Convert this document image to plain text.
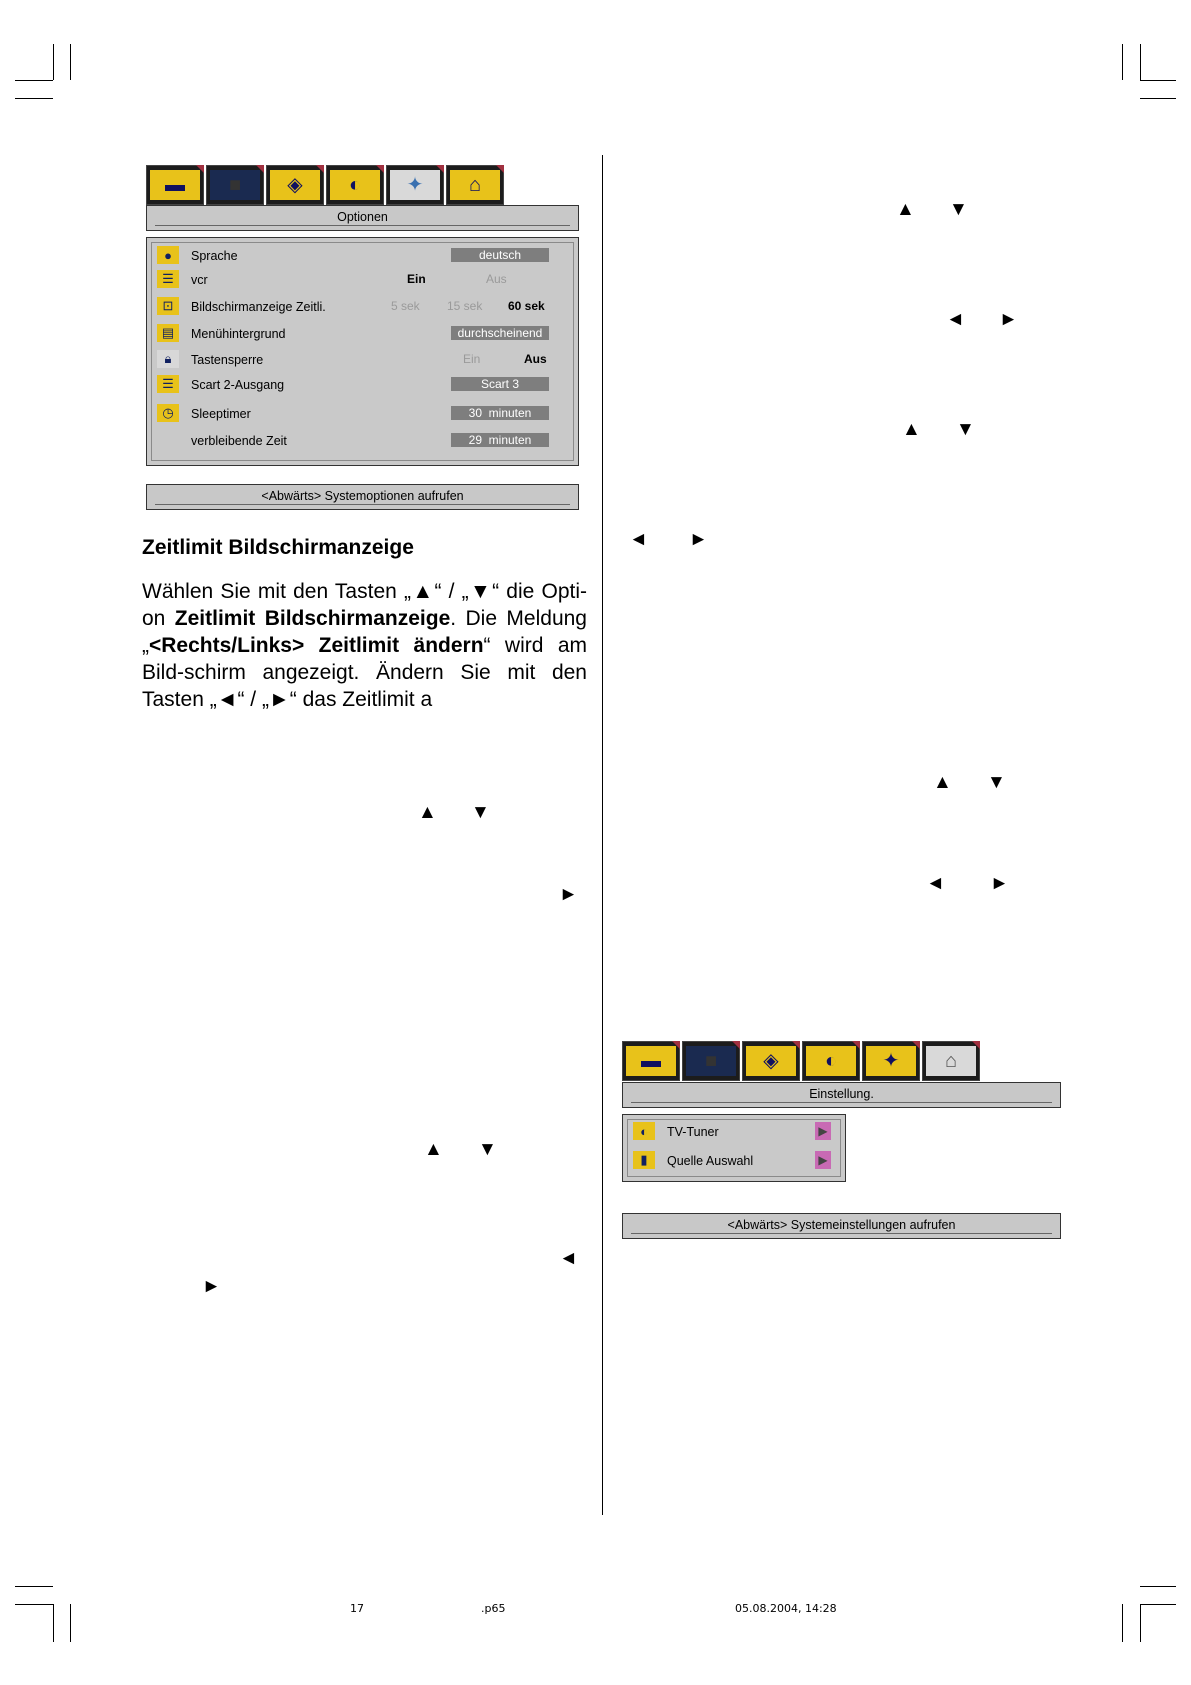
▬ ■ ◈ ◐ ✦ ⌂
Optionen
●	Sprache	deutsch
☰	vcr	Ein	Aus
⊡	Bildschirmanzeige Zeitli.	5 sek 15 sek 60 sek
▤	Menühintergrund	durchscheinend
🔒︎	Tastensperre	Ein	Aus
☰	Scart 2-Ausgang	Scart 3
◷	Sleeptimer	30  minuten
verbleibende Zeit	29  minuten
<Abwärts> Systemoptionen aufrufen
Zeitlimit Bildschirmanzeige

Wählen Sie mit den Tasten „▲“ / „▼“ die Opti-on Zeitlimit Bildschirmanzeige. Die Meldung „<Rechts/Links> Zeitlimit ändern“ wird am Bild-schirm angezeigt. Ändern Sie mit den Tasten „◄“ / „►“ das Zeitlimit a

▲ ▼
►
▲ ▼
◄
►
▲ ▼
◄ ►
▲ ▼
◄ ►
▲ ▼
◄ ►
▬ ■ ◈ ◐ ✦ ⌂
Einstellung.
◐	TV-Tuner	▶
▮	Quelle Auswahl	▶
<Abwärts> Systemeinstellungen aufrufen
17	.p65	05.08.2004, 14:28
